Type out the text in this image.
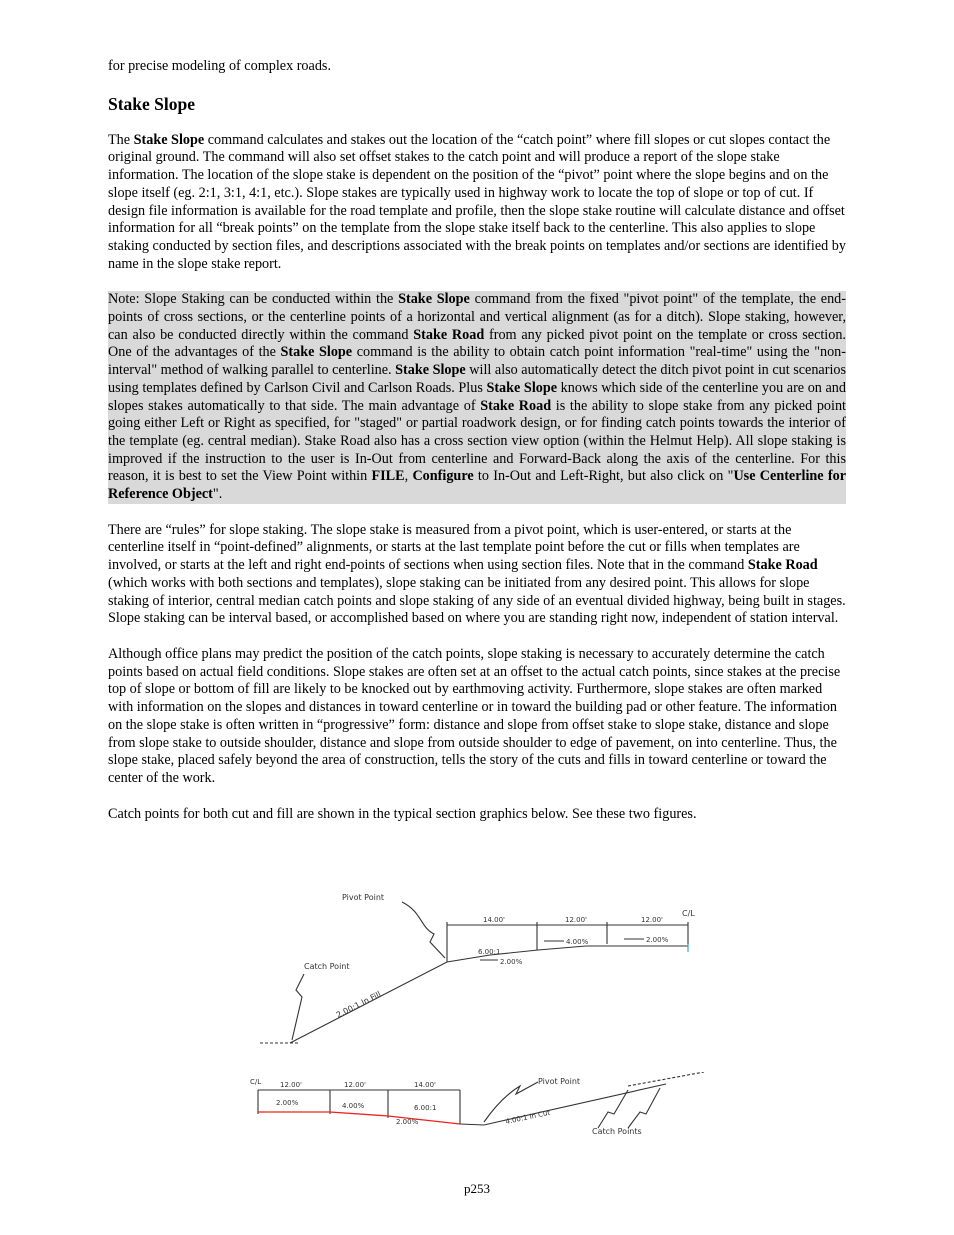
for precise modeling of complex roads.

Stake Slope

The Stake Slope command calculates and stakes out the location of the “catch point” where fill slopes or cut slopes contact the original ground. The command will also set offset stakes to the catch point and will produce a report of the slope stake information. The location of the slope stake is dependent on the position of the “pivot” point where the slope begins and on the slope itself (eg. 2:1, 3:1, 4:1, etc.). Slope stakes are typically used in highway work to locate the top of slope or top of cut. If design file information is available for the road template and profile, then the slope stake routine will calculate distance and offset information for all “break points” on the template from the slope stake itself back to the centerline. This also applies to slope staking conducted by section files, and descriptions associated with the break points on templates and/or sections are identified by name in the slope stake report.

Note: Slope Staking can be conducted within the Stake Slope command from the fixed "pivot point" of the template, the end-points of cross sections, or the centerline points of a horizontal and vertical alignment (as for a ditch). Slope staking, however, can also be conducted directly within the command Stake Road from any picked pivot point on the template or cross section. One of the advantages of the Stake Slope command is the ability to obtain catch point information "real-time" using the "non-interval" method of walking parallel to centerline. Stake Slope will also automatically detect the ditch pivot point in cut scenarios using templates defined by Carlson Civil and Carlson Roads. Plus Stake Slope knows which side of the centerline you are on and slopes stakes automatically to that side. The main advantage of Stake Road is the ability to slope stake from any picked point going either Left or Right as specified, for "staged" or partial roadwork design, or for finding catch points towards the interior of the template (eg. central median). Stake Road also has a cross section view option (within the Helmut Help). All slope staking is improved if the instruction to the user is In-Out from centerline and Forward-Back along the axis of the centerline. For this reason, it is best to set the View Point within FILE, Configure to In-Out and Left-Right, but also click on "Use Centerline for Reference Object".

There are “rules” for slope staking. The slope stake is measured from a pivot point, which is user-entered, or starts at the centerline itself in “point-defined” alignments, or starts at the last template point before the cut or fills when templates are involved, or starts at the left and right end-points of sections when using section files. Note that in the command Stake Road (which works with both sections and templates), slope staking can be initiated from any desired point. This allows for slope staking of interior, central median catch points and slope staking of any side of an eventual divided highway, being built in stages. Slope staking can be interval based, or accomplished based on where you are standing right now, independent of station interval.

Although office plans may predict the position of the catch points, slope staking is necessary to accurately determine the catch points based on actual field conditions. Slope stakes are often set at an offset to the actual catch points, since stakes at the precise top of slope or bottom of fill are likely to be knocked out by earthmoving activity. Furthermore, slope stakes are often marked with information on the slopes and distances in toward centerline or in toward the building pad or other feature. The information on the slope stake is often written in “progressive” form: distance and slope from offset stake to slope stake, distance and slope from slope stake to outside shoulder, distance and slope from outside shoulder to edge of pavement, on into centerline. Thus, the slope stake, placed safely beyond the area of construction, tells the story of the cuts and fills in toward centerline or toward the center of the work.

Catch points for both cut and fill are shown in the typical section graphics below. See these two figures.

Pivot Point
Catch Point
C/L
14.00'	12.00'	12.00'
4.00%	2.00%
6.00:1
2.00%
2.00:1 In Fill
C/L	12.00'	12.00'	14.00'
2.00%	4.00%
2.00%
6.00:1
4.00:1 In Cut
Pivot Point
Catch Points
p253
